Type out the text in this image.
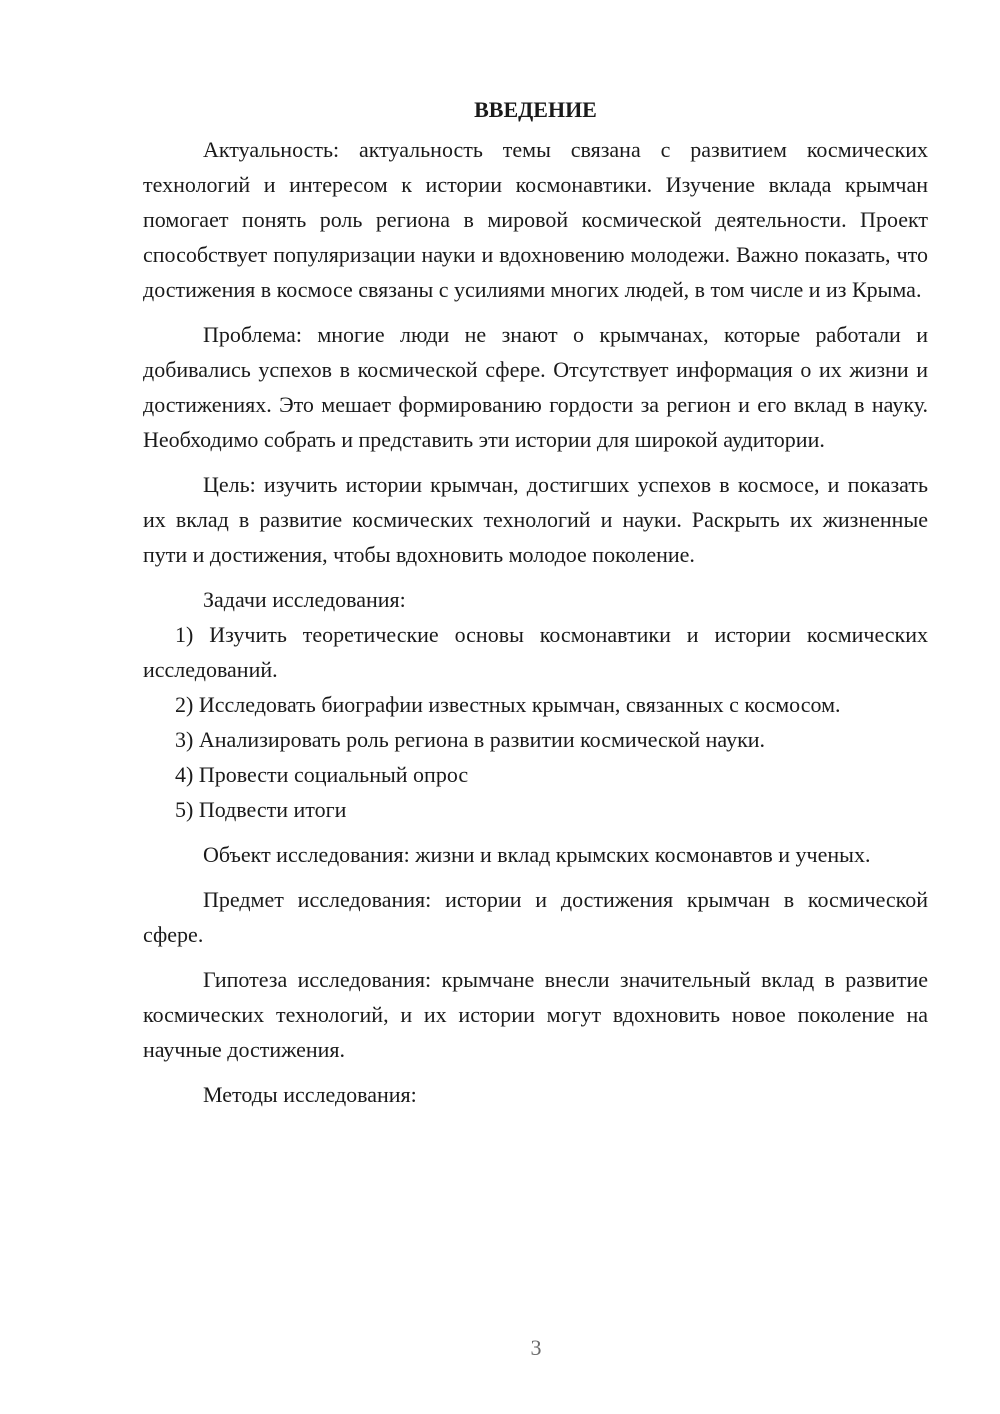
ВВЕДЕНИЕ

Актуальность: актуальность темы связана с развитием космических технологий и интересом к истории космонавтики. Изучение вклада крымчан помогает понять роль региона в мировой космической деятельности. Проект способствует популяризации науки и вдохновению молодежи. Важно показать, что достижения в космосе связаны с усилиями многих людей, в том числе и из Крыма.

Проблема: многие люди не знают о крымчанах, которые работали и добивались успехов в космической сфере. Отсутствует информация о их жизни и достижениях. Это мешает формированию гордости за регион и его вклад в науку. Необходимо собрать и представить эти истории для широкой аудитории.

Цель: изучить истории крымчан, достигших успехов в космосе, и показать их вклад в развитие космических технологий и науки. Раскрыть их жизненные пути и достижения, чтобы вдохновить молодое поколение.

Задачи исследования:

1) Изучить теоретические основы космонавтики и истории космических исследований.

2) Исследовать биографии известных крымчан, связанных с космосом.

3) Анализировать роль региона в развитии космической науки.

4) Провести социальный опрос

5) Подвести итоги

Объект исследования: жизни и вклад крымских космонавтов и ученых.

Предмет исследования: истории и достижения крымчан в космической сфере.

Гипотеза исследования: крымчане внесли значительный вклад в развитие космических технологий, и их истории могут вдохновить новое поколение на научные достижения.

Методы исследования:

3
